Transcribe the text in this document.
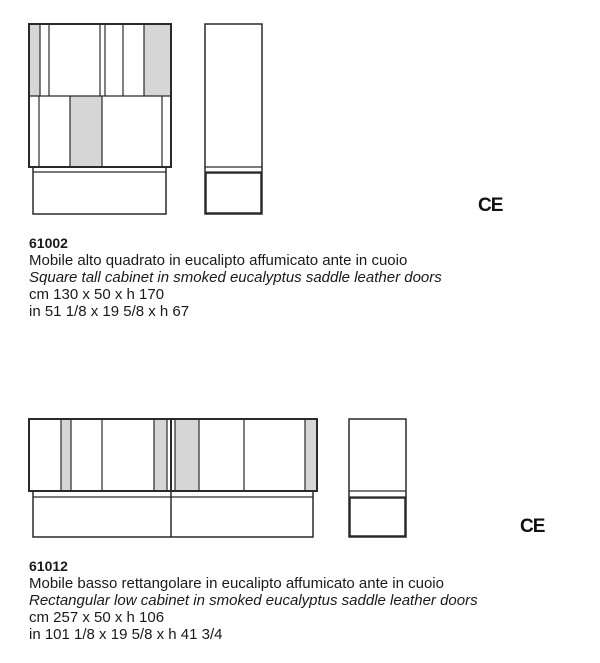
CE
CE
61002
Mobile alto quadrato in eucalipto affumicato ante in cuoio
Square tall cabinet in smoked eucalyptus saddle leather doors
cm 130 x 50 x h 170
in 51 1/8 x 19 5/8 x h 67
61012
Mobile basso rettangolare in eucalipto affumicato ante in cuoio
Rectangular low cabinet in smoked eucalyptus saddle leather doors
cm 257 x 50 x h 106
in 101 1/8 x 19 5/8 x h 41 3/4
